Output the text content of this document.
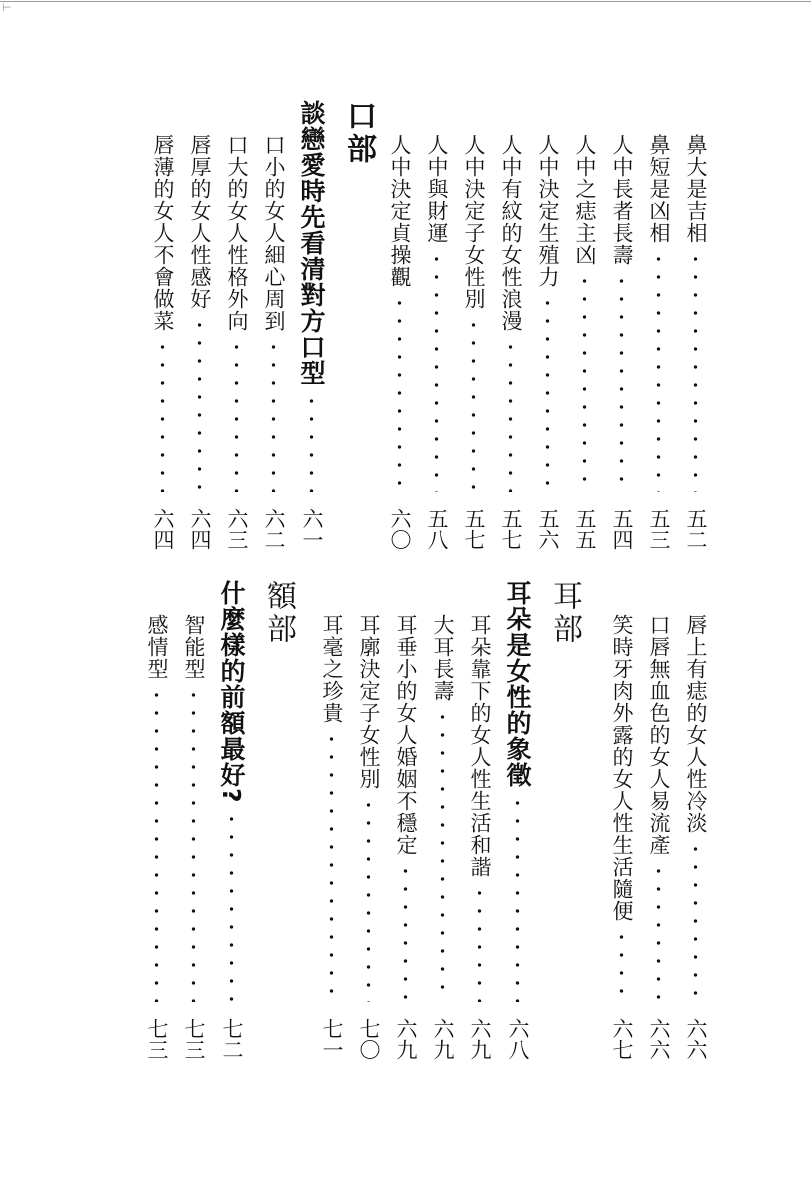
⊢
鼻大是吉相
五二
鼻短是凶相
五三
人中長者長壽
五四
人中之痣主凶
五五
人中決定生殖力
五六
人中有紋的女性浪漫
五七
人中決定子女性別
五七
人中與財運
五八
人中決定貞操觀
六〇
口部
談戀愛時先看清對方口型
六一
口小的女人細心周到
六二
口大的女人性格外向
六三
唇厚的女人性感好
六四
唇薄的女人不會做菜
六四
唇上有痣的女人性冷淡
六六
口唇無血色的女人易流產
六六
笑時牙肉外露的女人性生活隨便
六七
耳部
耳朵是女性的象徵
六八
耳朵靠下的女人性生活和諧
六九
大耳長壽
六九
耳垂小的女人婚姻不穩定
六九
耳廓決定子女性別
七〇
耳毫之珍貴
七一
額部
什麼樣的前額最好?
七二
智能型
七三
感情型
七三
